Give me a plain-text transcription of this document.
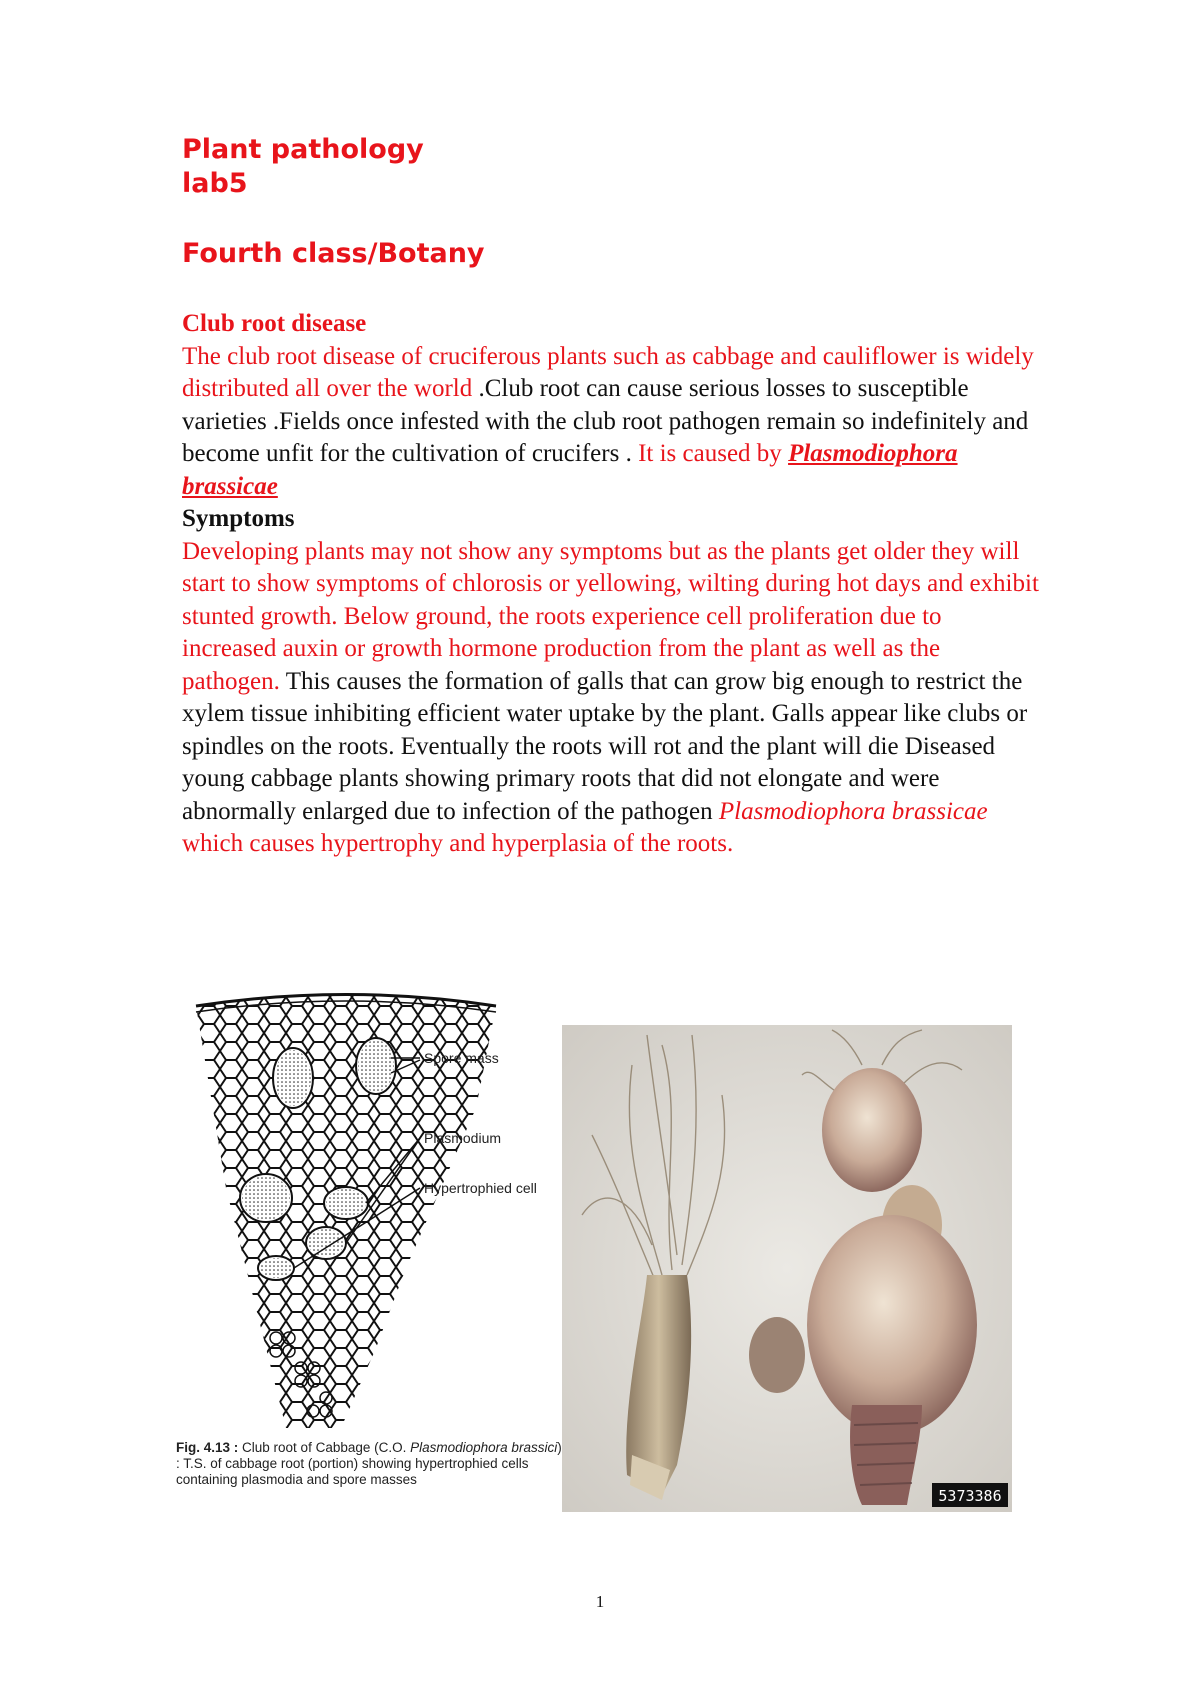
Plant pathology

lab5

Fourth class/Botany

Club root disease
The club root disease of cruciferous plants such as cabbage and cauliflower is widely distributed all over the world .Club root can cause serious losses to susceptible varieties .Fields once infested with the club root pathogen remain so indefinitely and become unfit for the cultivation of crucifers . It is caused by Plasmodiophora brassicae
Symptoms
Developing plants may not show any symptoms but as the plants get older they will start to show symptoms of chlorosis or yellowing, wilting during hot days and exhibit stunted growth. Below ground, the roots experience cell proliferation due to increased auxin or growth hormone production from the plant as well as the pathogen. This causes the formation of galls that can grow big enough to restrict the xylem tissue inhibiting efficient water uptake by the plant. Galls appear like clubs or spindles on the roots. Eventually the roots will rot and the plant will die Diseased young cabbage plants showing primary roots that did not elongate and were abnormally enlarged due to infection of the pathogen Plasmodiophora brassicae which causes hypertrophy and hyperplasia of the roots.
Spore mass
Plasmodium
Hypertrophied cell
Fig. 4.13 : Club root of Cabbage (C.O. Plasmodiophora brassici) : T.S. of cabbage root (portion) showing hypertrophied cells containing plasmodia and spore masses
5373386
1
